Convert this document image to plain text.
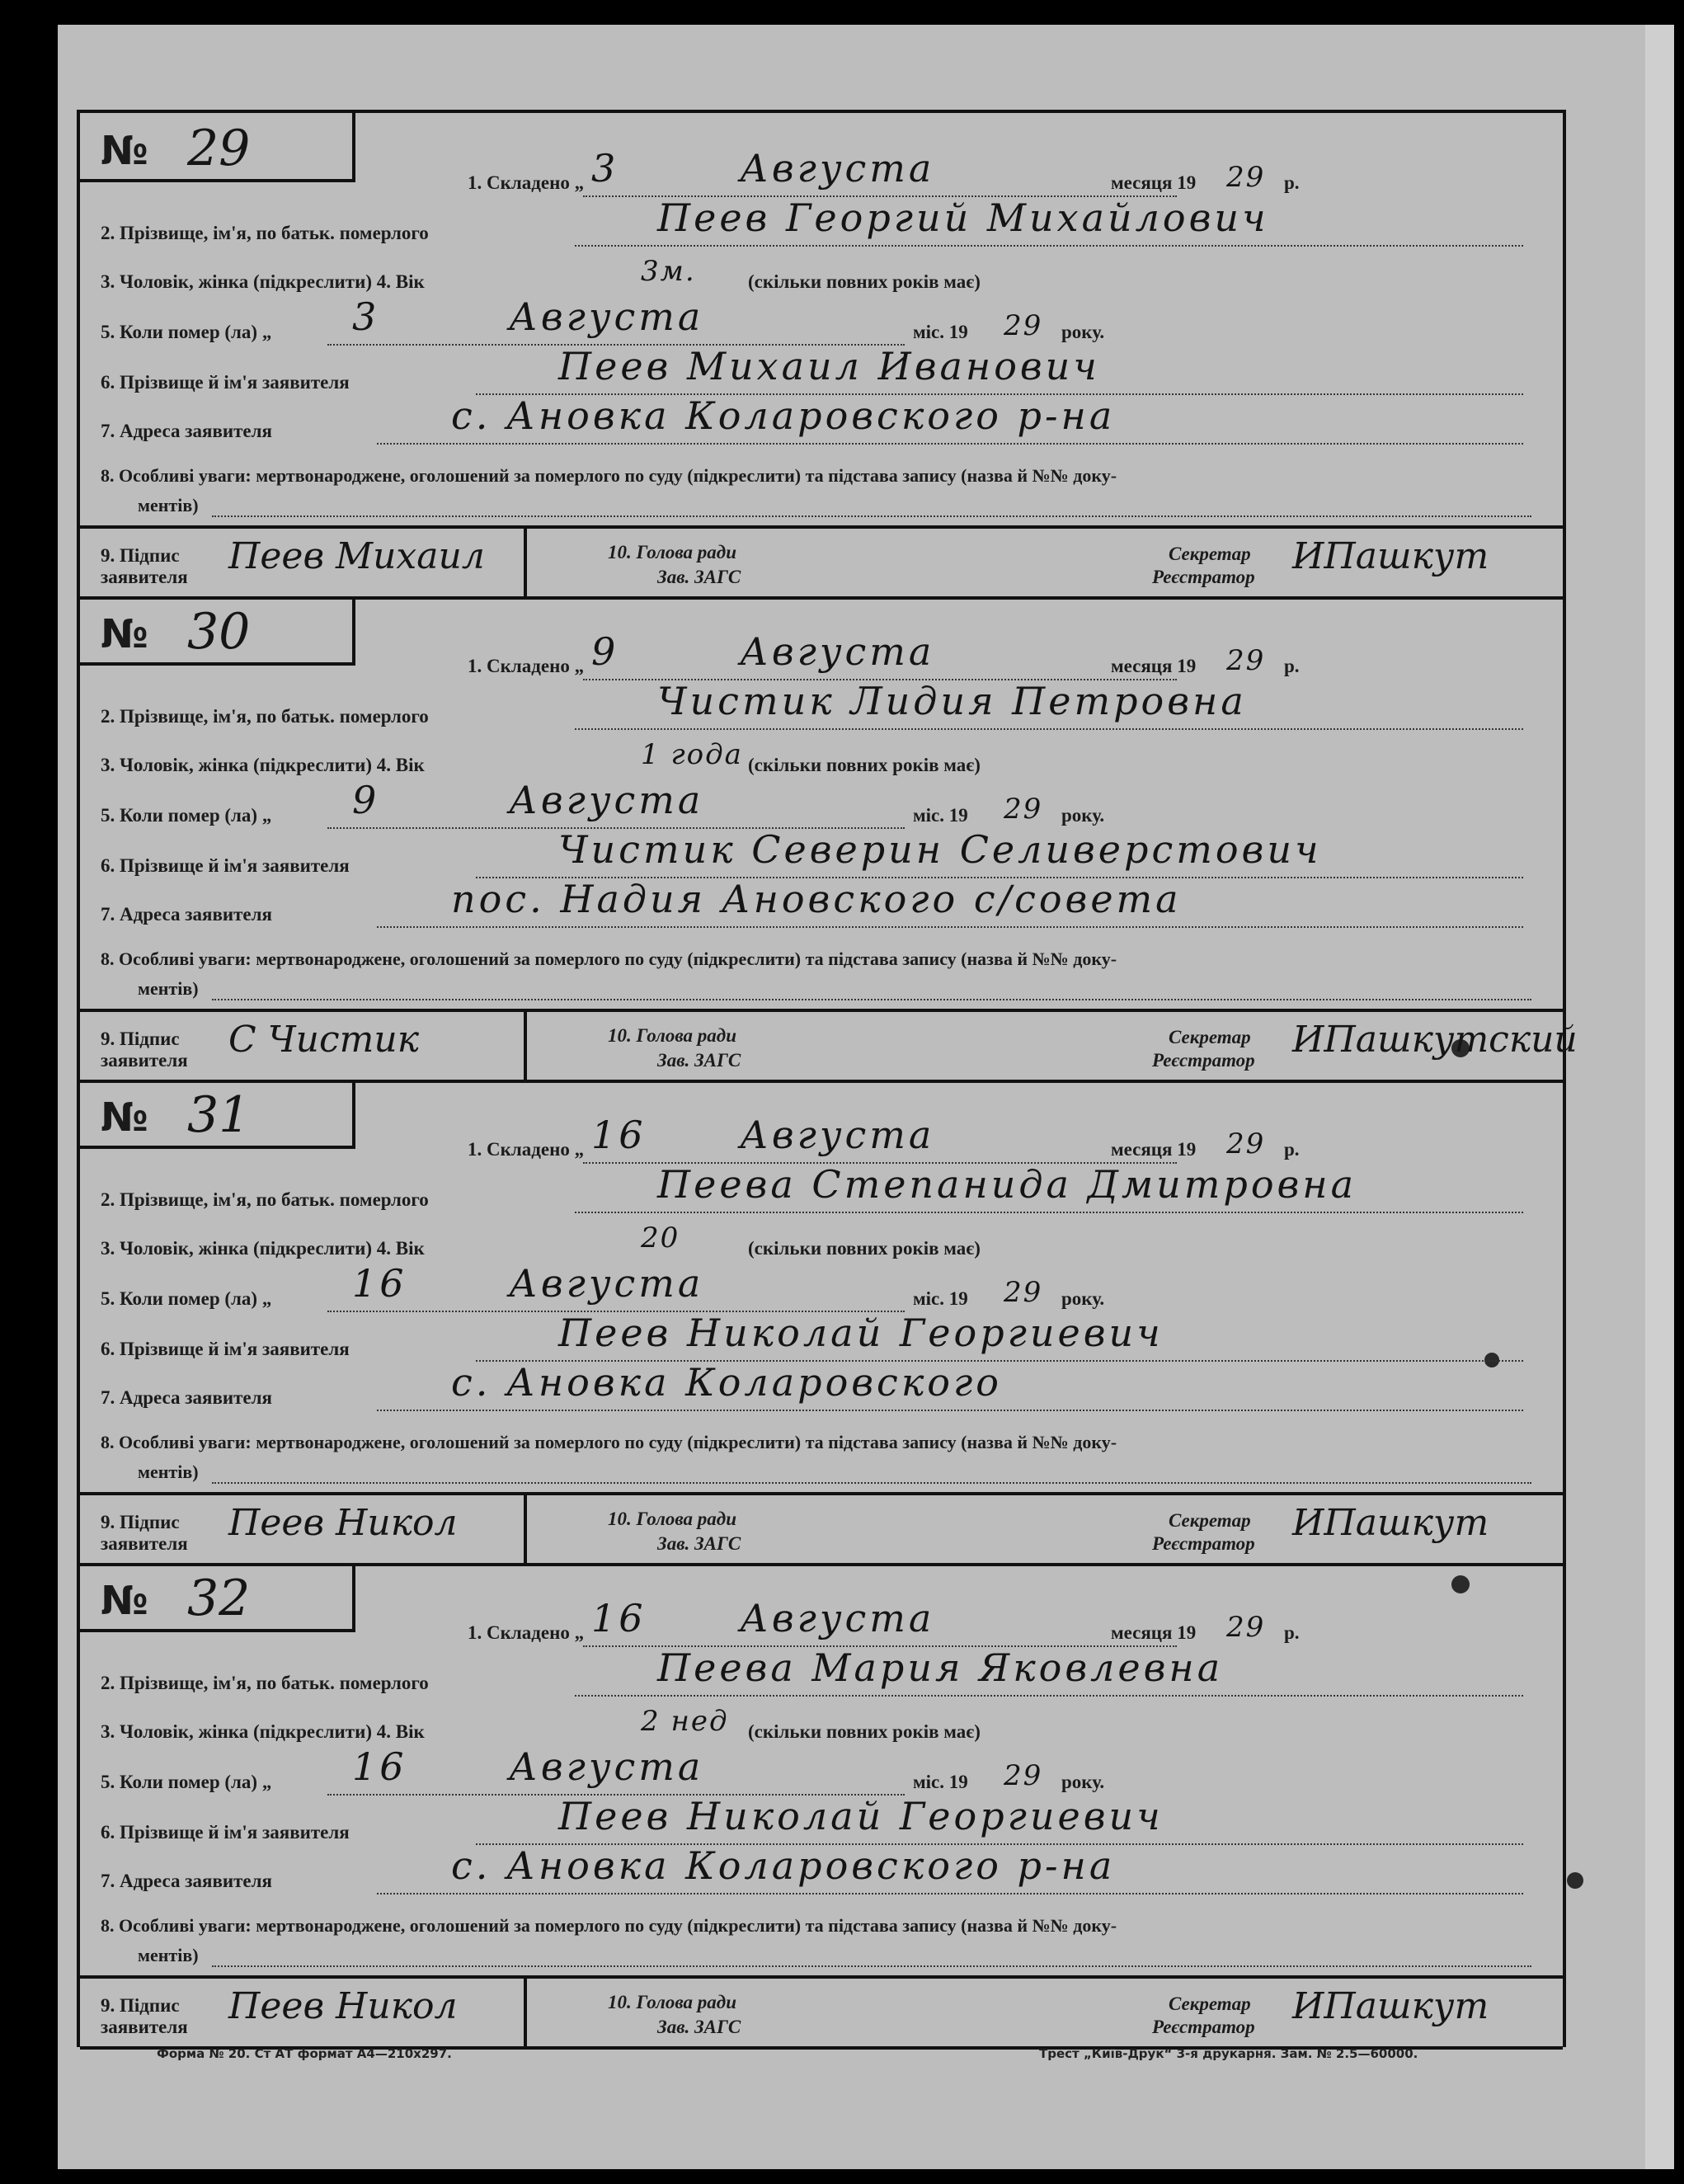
№ 29
1. Складено „ 3	Августа	месяця 19 29 р.
2. Прізвище, ім'я, по батьк. померлого	Пеев Георгий Михайлович
3. Чоловік, жінка (підкреслити) 4. Вік	3м.	(скільки повних років має)
5. Коли помер (ла) „ 3	Августа	міс. 19 29 року.
6. Прізвище й ім'я заявителя	Пеев Михаил Иванович
7. Адреса заявителя	с. Ановка Коларовского р-на
8. Особливі уваги: мертвонароджене, оголошений за померлого по суду (підкреслити) та підстава запису (назва й №№ доку-
ментів)
9. Підпис
заявителя Пеев Михаил	10. Голова ради
Зав. ЗАГС
Секретар
Реєстратор ИПашкут
№ 30
1. Складено „ 9	Августа	месяця 19 29 р.
2. Прізвище, ім'я, по батьк. померлого	Чистик Лидия Петровна
3. Чоловік, жінка (підкреслити) 4. Вік	1 года (скільки повних років має)
5. Коли помер (ла) „ 9	Августа	міс. 19 29 року.
6. Прізвище й ім'я заявителя	Чистик Северин Селиверстович
7. Адреса заявителя	пос. Надия Ановского с/совета
8. Особливі уваги: мертвонароджене, оголошений за померлого по суду (підкреслити) та підстава запису (назва й №№ доку-
ментів)
9. Підпис
заявителя С Чистик	10. Голова ради
Зав. ЗАГС
Секретар
Реєстратор ИПашкутский
№ 31
1. Складено „ 16 Августа	месяця 19 29 р.
2. Прізвище, ім'я, по батьк. померлого	Пеева Степанида Дмитровна
3. Чоловік, жінка (підкреслити) 4. Вік	20	(скільки повних років має)
5. Коли помер (ла) „ 16	Августа	міс. 19 29 року.
6. Прізвище й ім'я заявителя	Пеев Николай Георгиевич
7. Адреса заявителя	с. Ановка Коларовского
8. Особливі уваги: мертвонароджене, оголошений за померлого по суду (підкреслити) та підстава запису (назва й №№ доку-
ментів)
9. Підпис
заявителя Пеев Никол	10. Голова ради
Зав. ЗАГС
Секретар
Реєстратор ИПашкут
№ 32
1. Складено „ 16 Августа	месяця 19 29 р.
2. Прізвище, ім'я, по батьк. померлого	Пеева Мария Яковлевна
3. Чоловік, жінка (підкреслити) 4. Вік	2 нед (скільки повних років має)
5. Коли помер (ла) „ 16	Августа	міс. 19 29 року.
6. Прізвище й ім'я заявителя	Пеев Николай Георгиевич
7. Адреса заявителя	с. Ановка Коларовского р-на
8. Особливі уваги: мертвонароджене, оголошений за померлого по суду (підкреслити) та підстава запису (назва й №№ доку-
ментів)
9. Підпис
заявителя Пеев Никол	10. Голова ради
Зав. ЗАГС
Секретар
Реєстратор ИПашкут
Форма № 20. Ст АТ формат А4—210x297.	Трест „Київ-Друк“ 3-я друкарня. Зам. № 2.5—60000.
